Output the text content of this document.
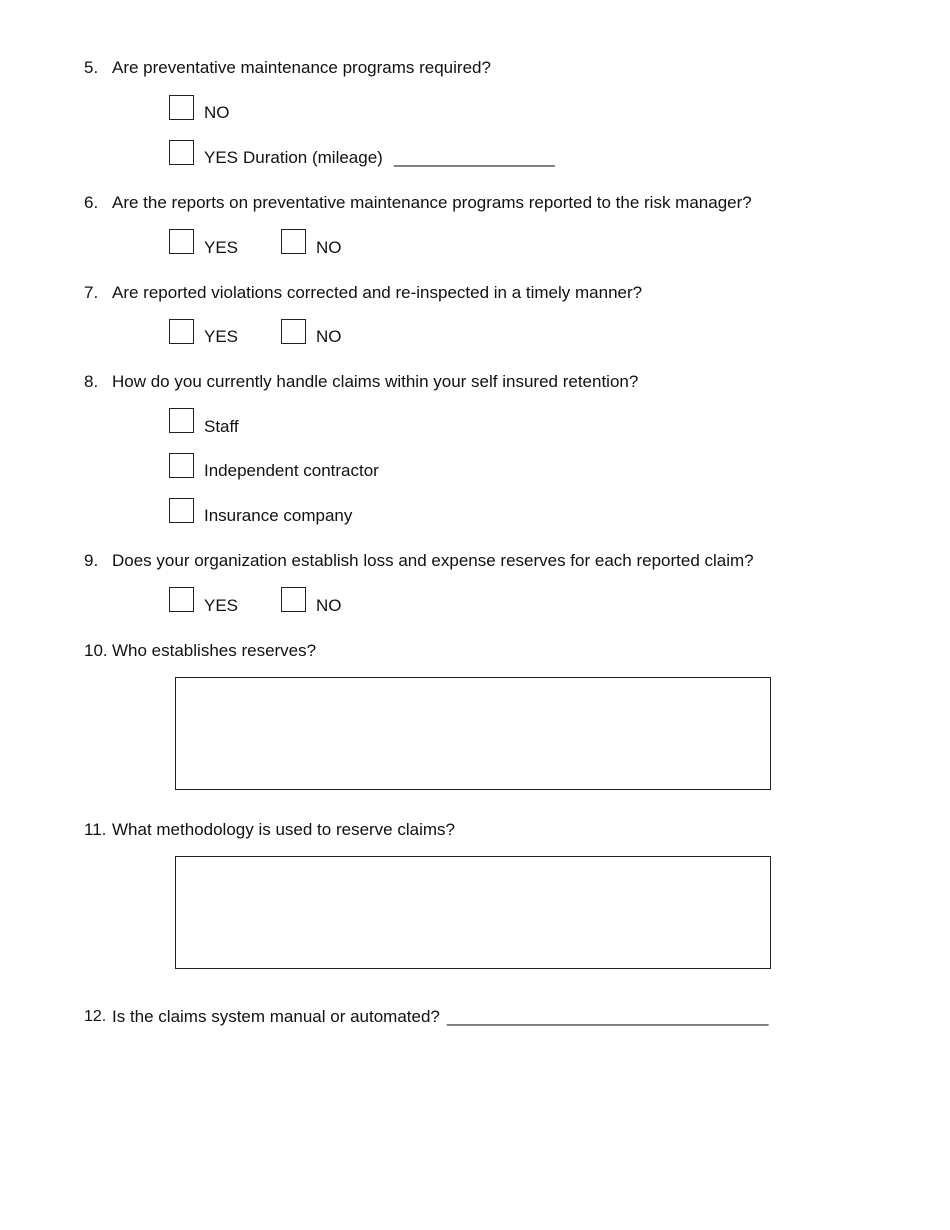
5. Are preventative maintenance programs required?
NO
YES Duration (mileage) _________________
6. Are the reports on preventative maintenance programs reported to the risk manager?
YES	NO
7. Are reported violations corrected and re-inspected in a timely manner?
YES	NO
8. How do you currently handle claims within your self insured retention?
Staff
Independent contractor
Insurance company
9. Does your organization establish loss and expense reserves for each reported claim?
YES	NO
10. Who establishes reserves?
11. What methodology is used to reserve claims?
12. Is the claims system manual or automated? __________________________________
